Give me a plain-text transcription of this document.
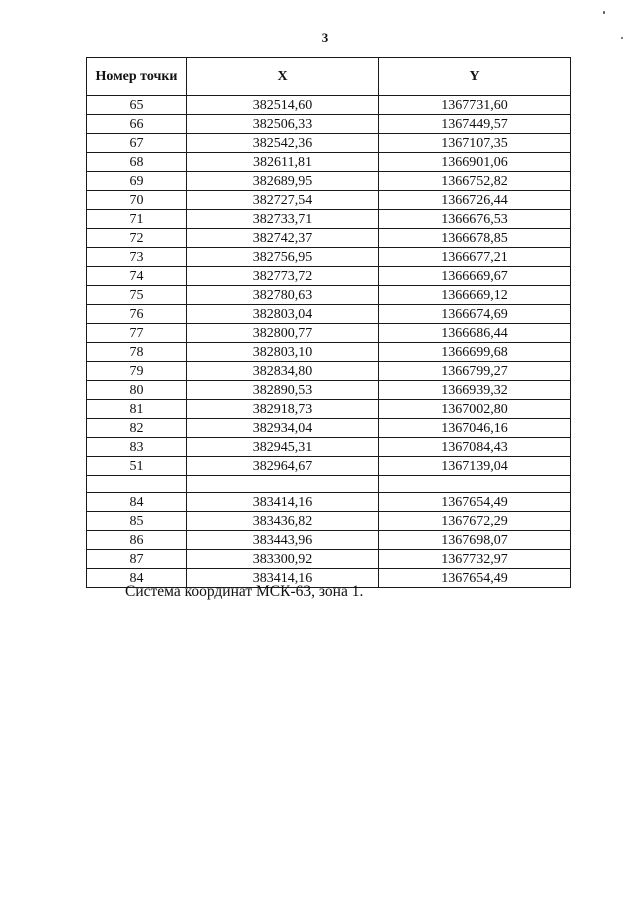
3
Номер точки	X	Y
65	382514,60	1367731,60
66	382506,33	1367449,57
67	382542,36	1367107,35
68	382611,81	1366901,06
69	382689,95	1366752,82
70	382727,54	1366726,44
71	382733,71	1366676,53
72	382742,37	1366678,85
73	382756,95	1366677,21
74	382773,72	1366669,67
75	382780,63	1366669,12
76	382803,04	1366674,69
77	382800,77	1366686,44
78	382803,10	1366699,68
79	382834,80	1366799,27
80	382890,53	1366939,32
81	382918,73	1367002,80
82	382934,04	1367046,16
83	382945,31	1367084,43
51	382964,67	1367139,04

84	383414,16	1367654,49
85	383436,82	1367672,29
86	383443,96	1367698,07
87	383300,92	1367732,97
84	383414,16	1367654,49
Система координат МСК-63, зона 1.
